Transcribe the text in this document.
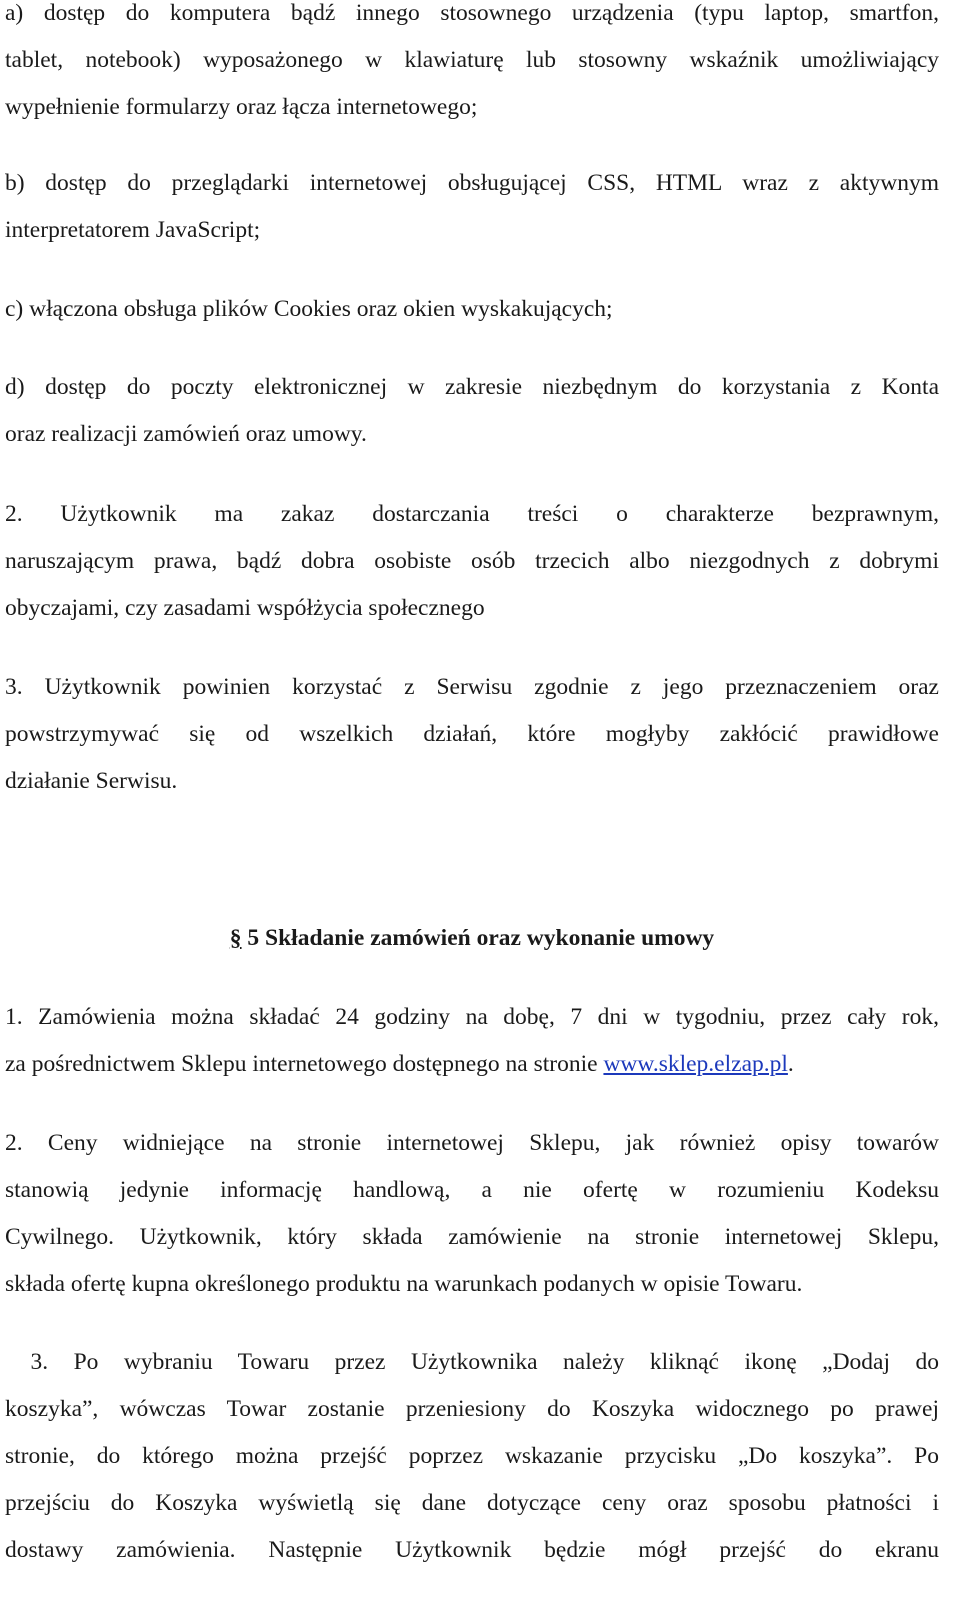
a) dostęp do komputera bądź innego stosownego urządzenia (typu laptop, smartfon,
tablet, notebook) wyposażonego w klawiaturę lub stosowny wskaźnik umożliwiający
wypełnienie formularzy oraz łącza internetowego;
b) dostęp do przeglądarki internetowej obsługującej CSS, HTML wraz z aktywnym
interpretatorem JavaScript;
c) włączona obsługa plików Cookies oraz okien wyskakujących;
d) dostęp do poczty elektronicznej w zakresie niezbędnym do korzystania z Konta
oraz realizacji zamówień oraz umowy.
2. Użytkownik ma zakaz dostarczania treści o charakterze bezprawnym,
naruszającym prawa, bądź dobra osobiste osób trzecich albo niezgodnych z dobrymi
obyczajami, czy zasadami współżycia społecznego
3. Użytkownik powinien korzystać z Serwisu zgodnie z jego przeznaczeniem oraz
powstrzymywać się od wszelkich działań, które mogłyby zakłócić prawidłowe
działanie Serwisu.
§ 5 Składanie zamówień oraz wykonanie umowy
1. Zamówienia można składać 24 godziny na dobę, 7 dni w tygodniu, przez cały rok,
za pośrednictwem Sklepu internetowego dostępnego na stronie www.sklep.elzap.pl.
2. Ceny widniejące na stronie internetowej Sklepu, jak również opisy towarów
stanowią jedynie informację handlową, a nie ofertę w rozumieniu Kodeksu
Cywilnego. Użytkownik, który składa zamówienie na stronie internetowej Sklepu,
składa ofertę kupna określonego produktu na warunkach podanych w opisie Towaru.
3. Po wybraniu Towaru przez Użytkownika należy kliknąć ikonę „Dodaj do
koszyka”, wówczas Towar zostanie przeniesiony do Koszyka widocznego po prawej
stronie, do którego można przejść poprzez wskazanie przycisku „Do koszyka”. Po
przejściu do Koszyka wyświetlą się dane dotyczące ceny oraz sposobu płatności i
dostawy zamówienia. Następnie Użytkownik będzie mógł przejść do ekranu
